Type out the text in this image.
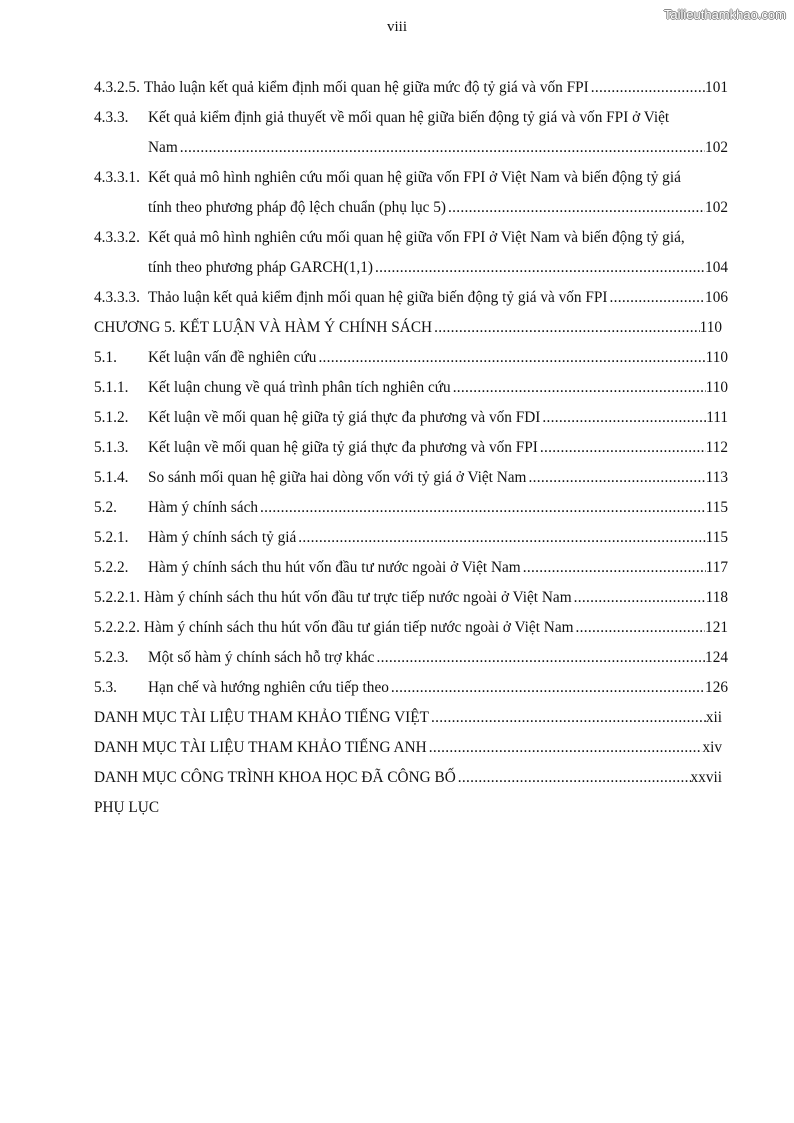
viii
Tailieuthamkhao.com
4.3.2.5. Thảo luận kết quả kiểm định mối quan hệ giữa mức độ tỷ giá và vốn FPI .....	101
4.3.3.	Kết quả kiểm định giả thuyết về mối quan hệ giữa biến động tỷ giá và vốn FPI ở Việt
Nam .....	102
4.3.3.1. Kết quả mô hình nghiên cứu mối quan hệ giữa vốn FPI ở Việt Nam và biến động tỷ giá
tính theo phương pháp độ lệch chuẩn (phụ lục 5) .....	102
4.3.3.2. Kết quả mô hình nghiên cứu mối quan hệ giữa vốn FPI ở Việt Nam và biến động tỷ giá,
tính theo phương pháp GARCH(1,1) .....	104
4.3.3.3. Thảo luận kết quả kiểm định mối quan hệ giữa biến động tỷ giá và vốn FPI .....	106
CHƯƠNG 5. KẾT LUẬN VÀ HÀM Ý CHÍNH SÁCH .....	110
5.1.	Kết luận vấn đề nghiên cứu .....	110
5.1.1.	Kết luận chung về quá trình phân tích nghiên cứu .....	110
5.1.2.	Kết luận về mối quan hệ giữa tỷ giá thực đa phương và vốn FDI .....	111
5.1.3.	Kết luận về mối quan hệ giữa tỷ giá thực đa phương và vốn FPI .....	112
5.1.4.	So sánh mối quan hệ giữa hai dòng vốn với tỷ giá ở Việt Nam .....	113
5.2.	Hàm ý chính sách .....	115
5.2.1.	Hàm ý chính sách tỷ giá .....	115
5.2.2.	Hàm ý chính sách thu hút vốn đầu tư nước ngoài ở Việt Nam .....	117
5.2.2.1. Hàm ý chính sách thu hút vốn đầu tư trực tiếp nước ngoài ở Việt Nam .....	118
5.2.2.2. Hàm ý chính sách thu hút vốn đầu tư gián tiếp nước ngoài ở Việt Nam .....	121
5.2.3.	Một số hàm ý chính sách hỗ trợ khác .....	124
5.3.	Hạn chế và hướng nghiên cứu tiếp theo .....	126
DANH MỤC TÀI LIỆU THAM KHẢO TIẾNG VIỆT .....	xii
DANH MỤC TÀI LIỆU THAM KHẢO TIẾNG ANH .....	xiv
DANH MỤC CÔNG TRÌNH KHOA HỌC ĐÃ CÔNG BỐ .....	xxvii
PHỤ LỤC
